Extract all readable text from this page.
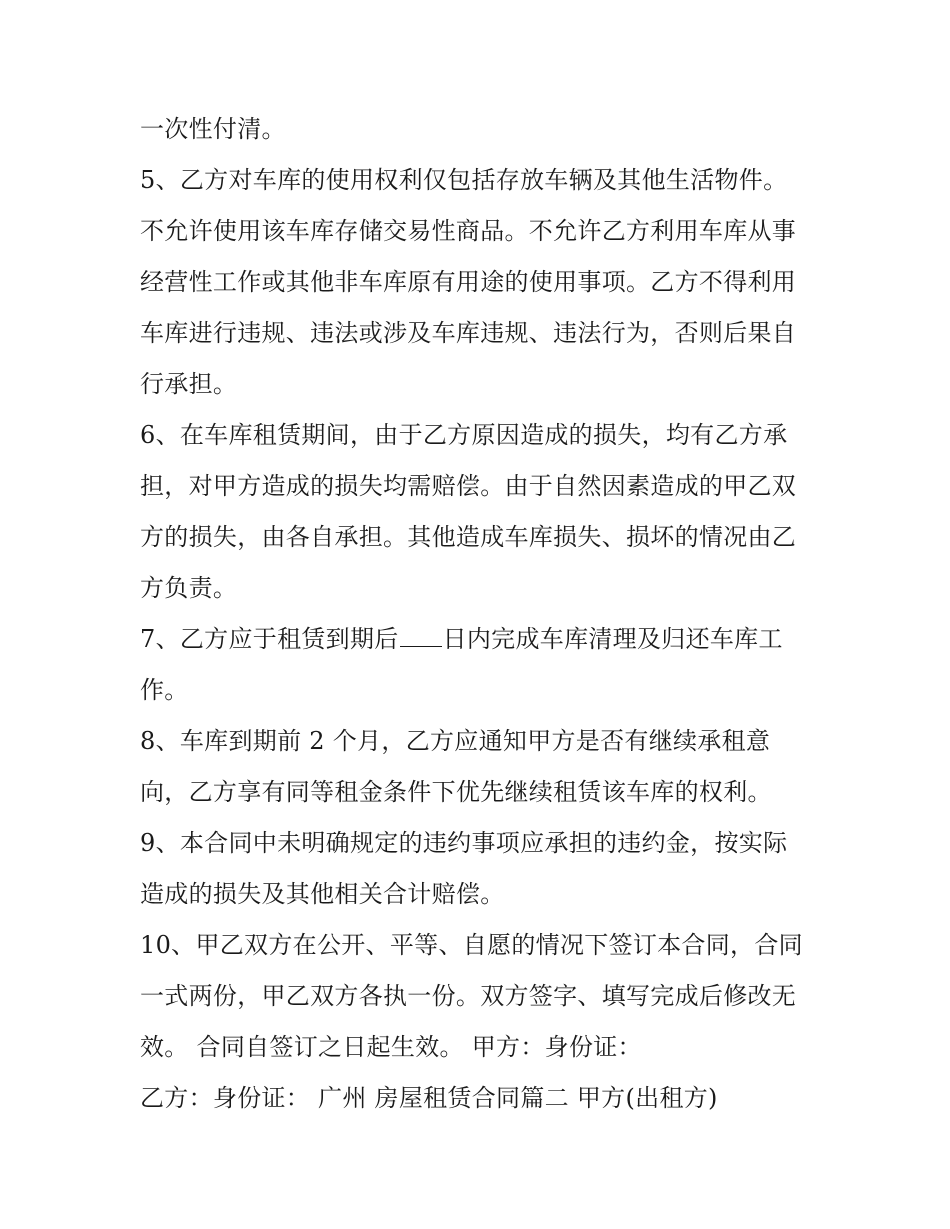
一次性付清。
5、乙方对车库的使用权利仅包括存放车辆及其他生活物件。
不允许使用该车库存储交易性商品。不允许乙方利用车库从事
经营性工作或其他非车库原有用途的使用事项。乙方不得利用
车库进行违规、违法或涉及车库违规、违法行为，否则后果自
行承担。
6、在车库租赁期间，由于乙方原因造成的损失，均有乙方承
担，对甲方造成的损失均需赔偿。由于自然因素造成的甲乙双
方的损失，由各自承担。其他造成车库损失、损坏的情况由乙
方负责。
7、乙方应于租赁到期后 日内完成车库清理及归还车库工
作。
8、车库到期前 2 个月，乙方应通知甲方是否有继续承租意
向，乙方享有同等租金条件下优先继续租赁该车库的权利。
9、本合同中未明确规定的违约事项应承担的违约金，按实际
造成的损失及其他相关合计赔偿。
10、甲乙双方在公开、平等、自愿的情况下签订本合同，合同
一式两份，甲乙双方各执一份。双方签字、填写完成后修改无
效。 合同自签订之日起生效。 甲方：身份证：
乙方：身份证： 广州 房屋租赁合同篇二 甲方(出租方)
